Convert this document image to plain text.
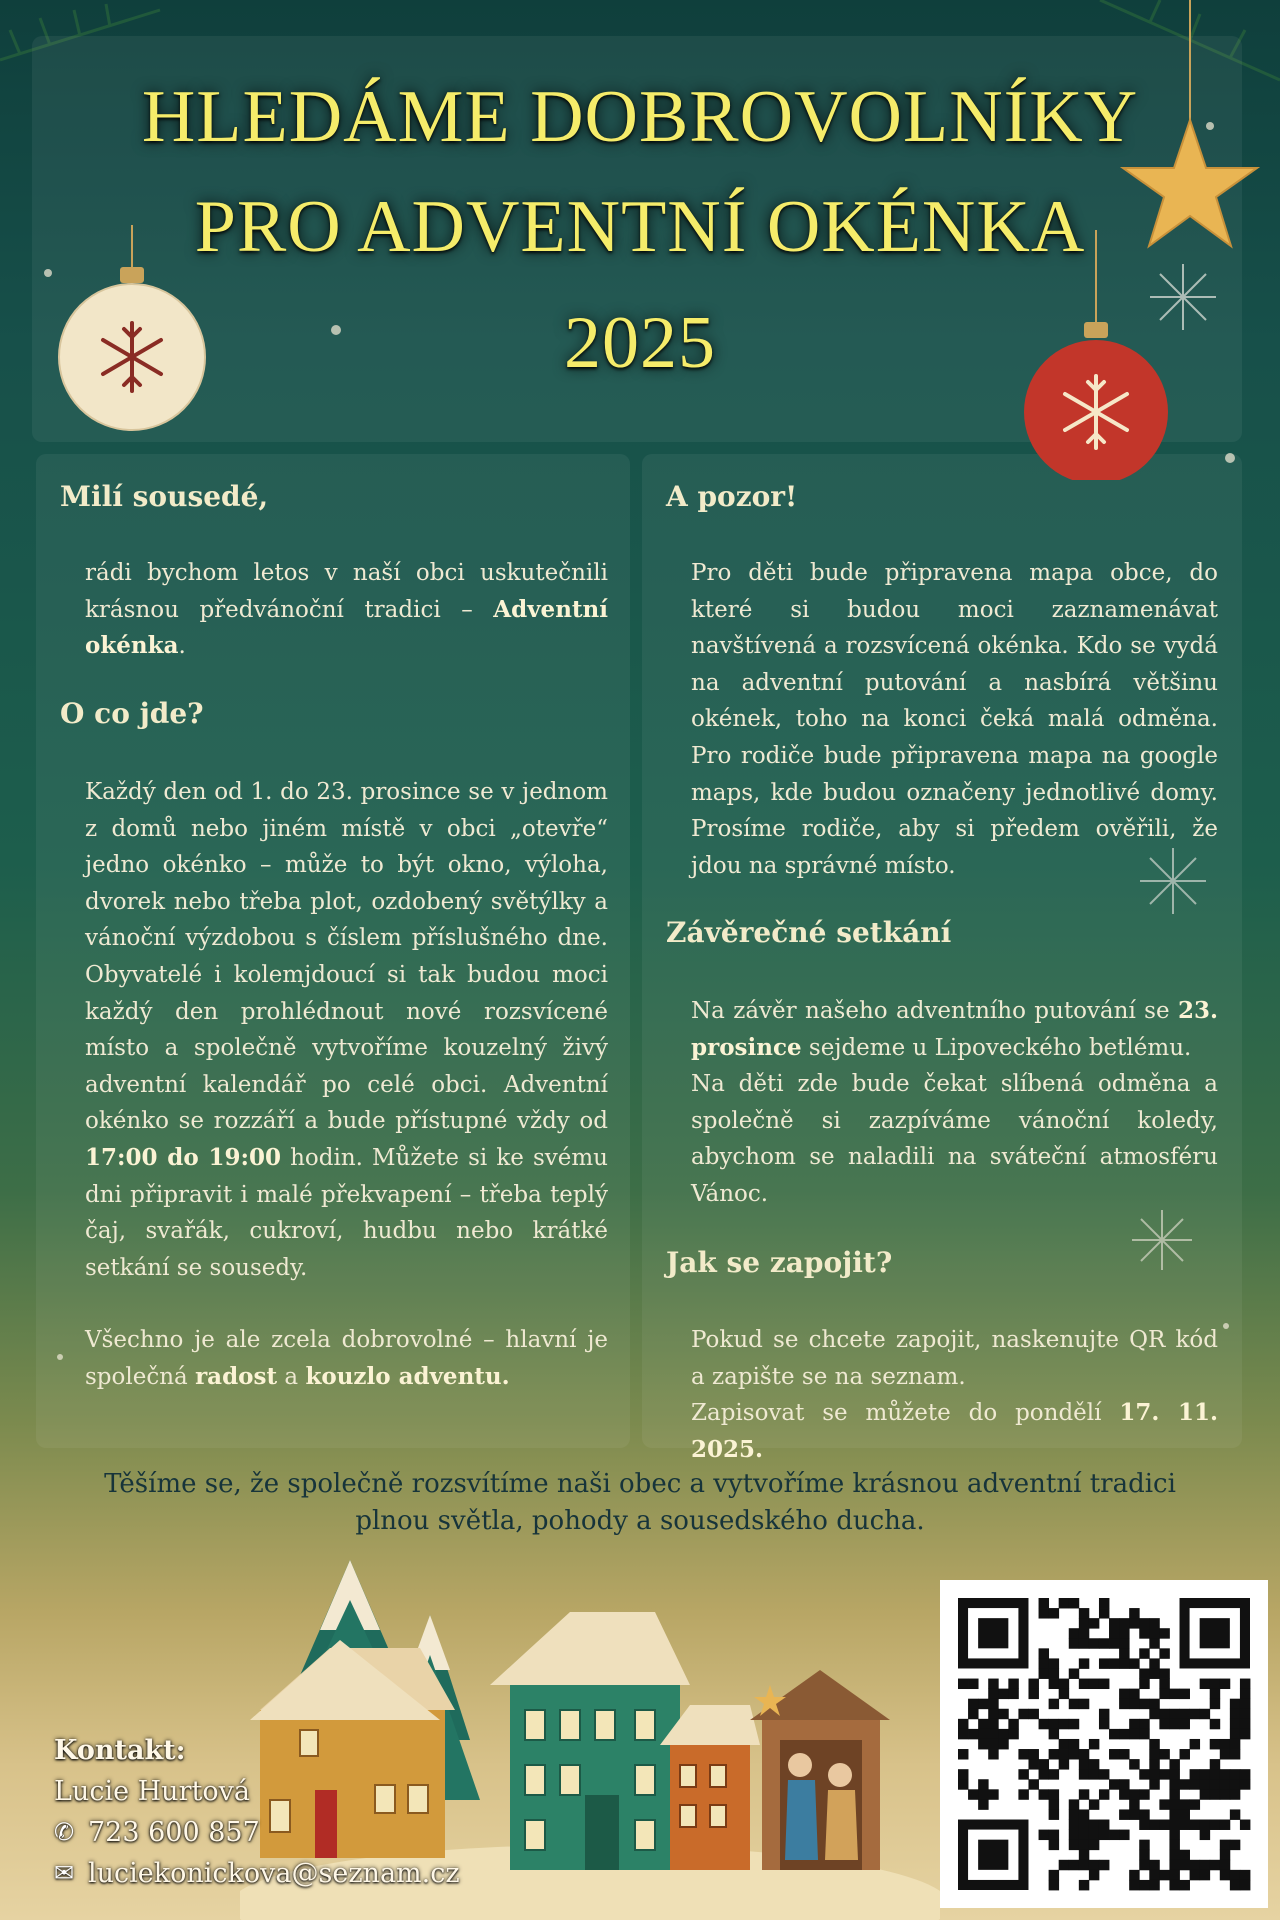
HLEDÁME DOBROVOLNÍKY
PRO ADVENTNÍ OKÉNKA
2025
Milí sousedé,

rádi bychom letos v naší obci uskutečnili krásnou předvánoční tradici – Adventní okénka.

O co jde?

Každý den od 1. do 23. prosince se v jednom z domů nebo jiném místě v obci „otevře“ jedno okénko – může to být okno, výloha, dvorek nebo třeba plot, ozdobený světýlky a vánoční výzdobou s číslem příslušného dne. Obyvatelé i kolemjdoucí si tak budou moci každý den prohlédnout nové rozsvícené místo a společně vytvoříme kouzelný živý adventní kalendář po celé obci. Adventní okénko se rozzáří a bude přístupné vždy od 17:00 do 19:00 hodin. Můžete si ke svému dni připravit i malé překvapení – třeba teplý čaj, svařák, cukroví, hudbu nebo krátké setkání se sousedy.

Všechno je ale zcela dobrovolné – hlavní je společná radost a kouzlo adventu.

A pozor!

Pro děti bude připravena mapa obce, do které si budou moci zaznamenávat navštívená a rozsvícená okénka. Kdo se vydá na adventní putování a nasbírá většinu okének, toho na konci čeká malá odměna. Pro rodiče bude připravena mapa na google maps, kde budou označeny jednotlivé domy. Prosíme rodiče, aby si předem ověřili, že jdou na správné místo.

Závěrečné setkání

Na závěr našeho adventního putování se 23. prosince sejdeme u Lipoveckého betlému.
Na děti zde bude čekat slíbená odměna a společně si zazpíváme vánoční koledy, abychom se naladili na sváteční atmosféru Vánoc.

Jak se zapojit?

Pokud se chcete zapojit, naskenujte QR kód a zapište se na seznam.
Zapisovat se můžete do pondělí 17. 11. 2025.

Těšíme se, že společně rozsvítíme naši obec a vytvoříme krásnou adventní tradici plnou světla, pohody a sousedského ducha.
Kontakt:
Lucie Hurtová
✆ 723 600 857
✉ luciekonickova@seznam.cz
